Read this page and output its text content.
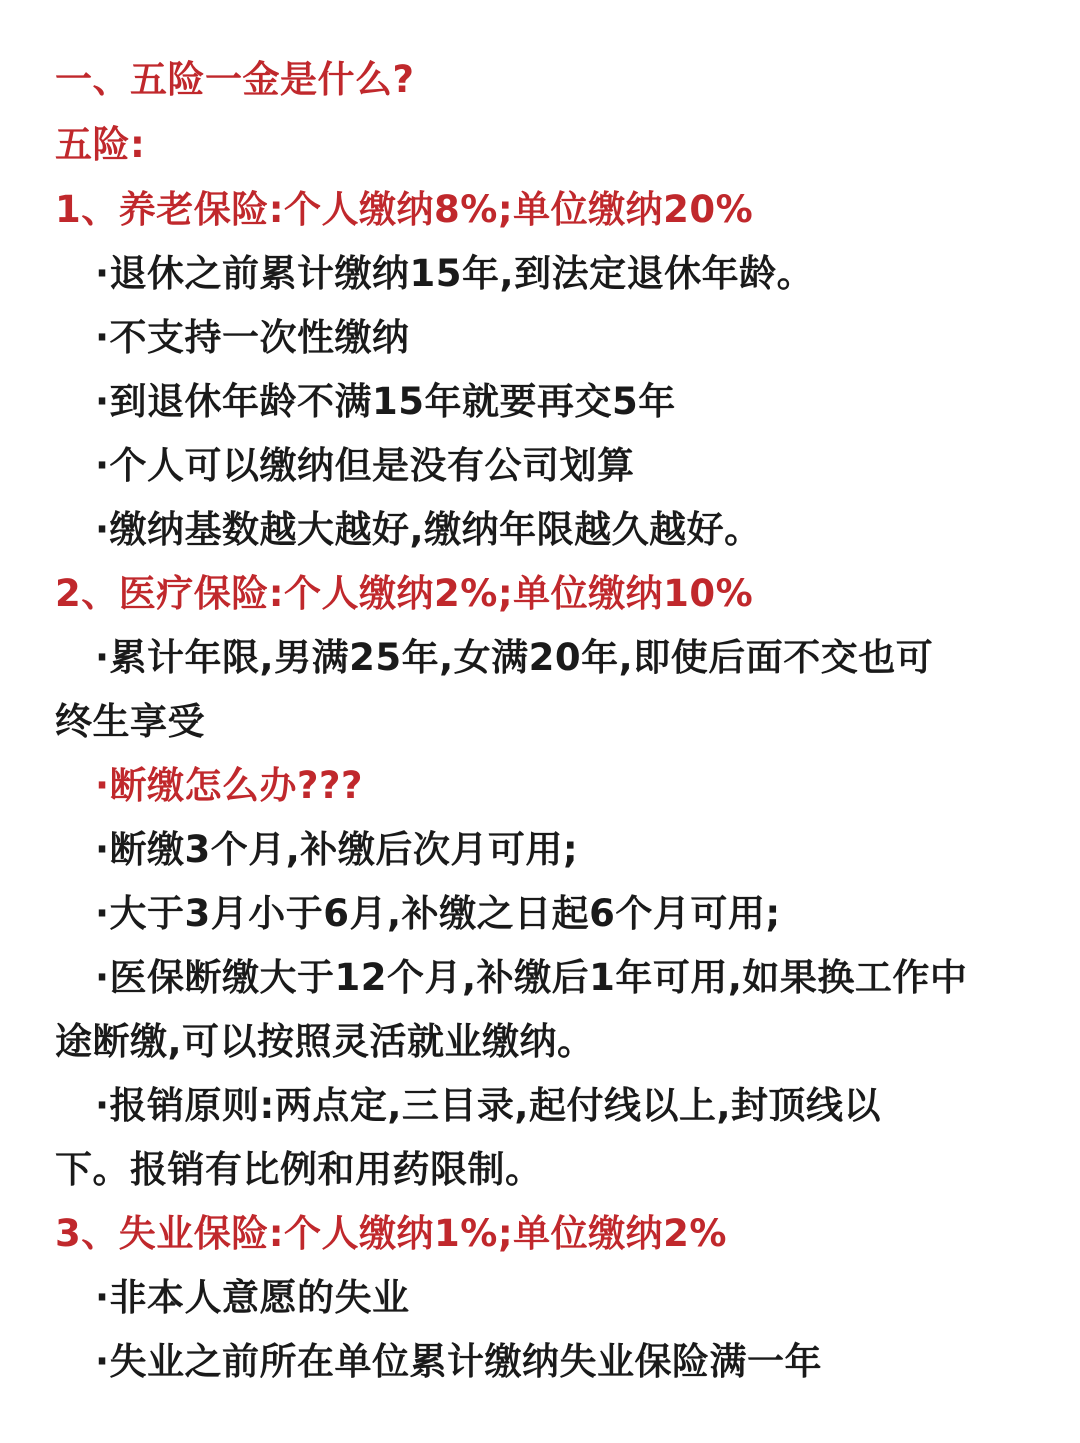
一、五险一金是什么?
五险:
1、养老保险:个人缴纳8%;单位缴纳20%
·退休之前累计缴纳15年,到法定退休年龄。
·不支持一次性缴纳
·到退休年龄不满15年就要再交5年
·个人可以缴纳但是没有公司划算
·缴纳基数越大越好,缴纳年限越久越好。
2、医疗保险:个人缴纳2%;单位缴纳10%
·累计年限,男满25年,女满20年,即使后面不交也可
终生享受
·断缴怎么办???
·断缴3个月,补缴后次月可用;
·大于3月小于6月,补缴之日起6个月可用;
·医保断缴大于12个月,补缴后1年可用,如果换工作中
途断缴,可以按照灵活就业缴纳。
·报销原则:两点定,三目录,起付线以上,封顶线以
下。报销有比例和用药限制。
3、失业保险:个人缴纳1%;单位缴纳2%
·非本人意愿的失业
·失业之前所在单位累计缴纳失业保险满一年
